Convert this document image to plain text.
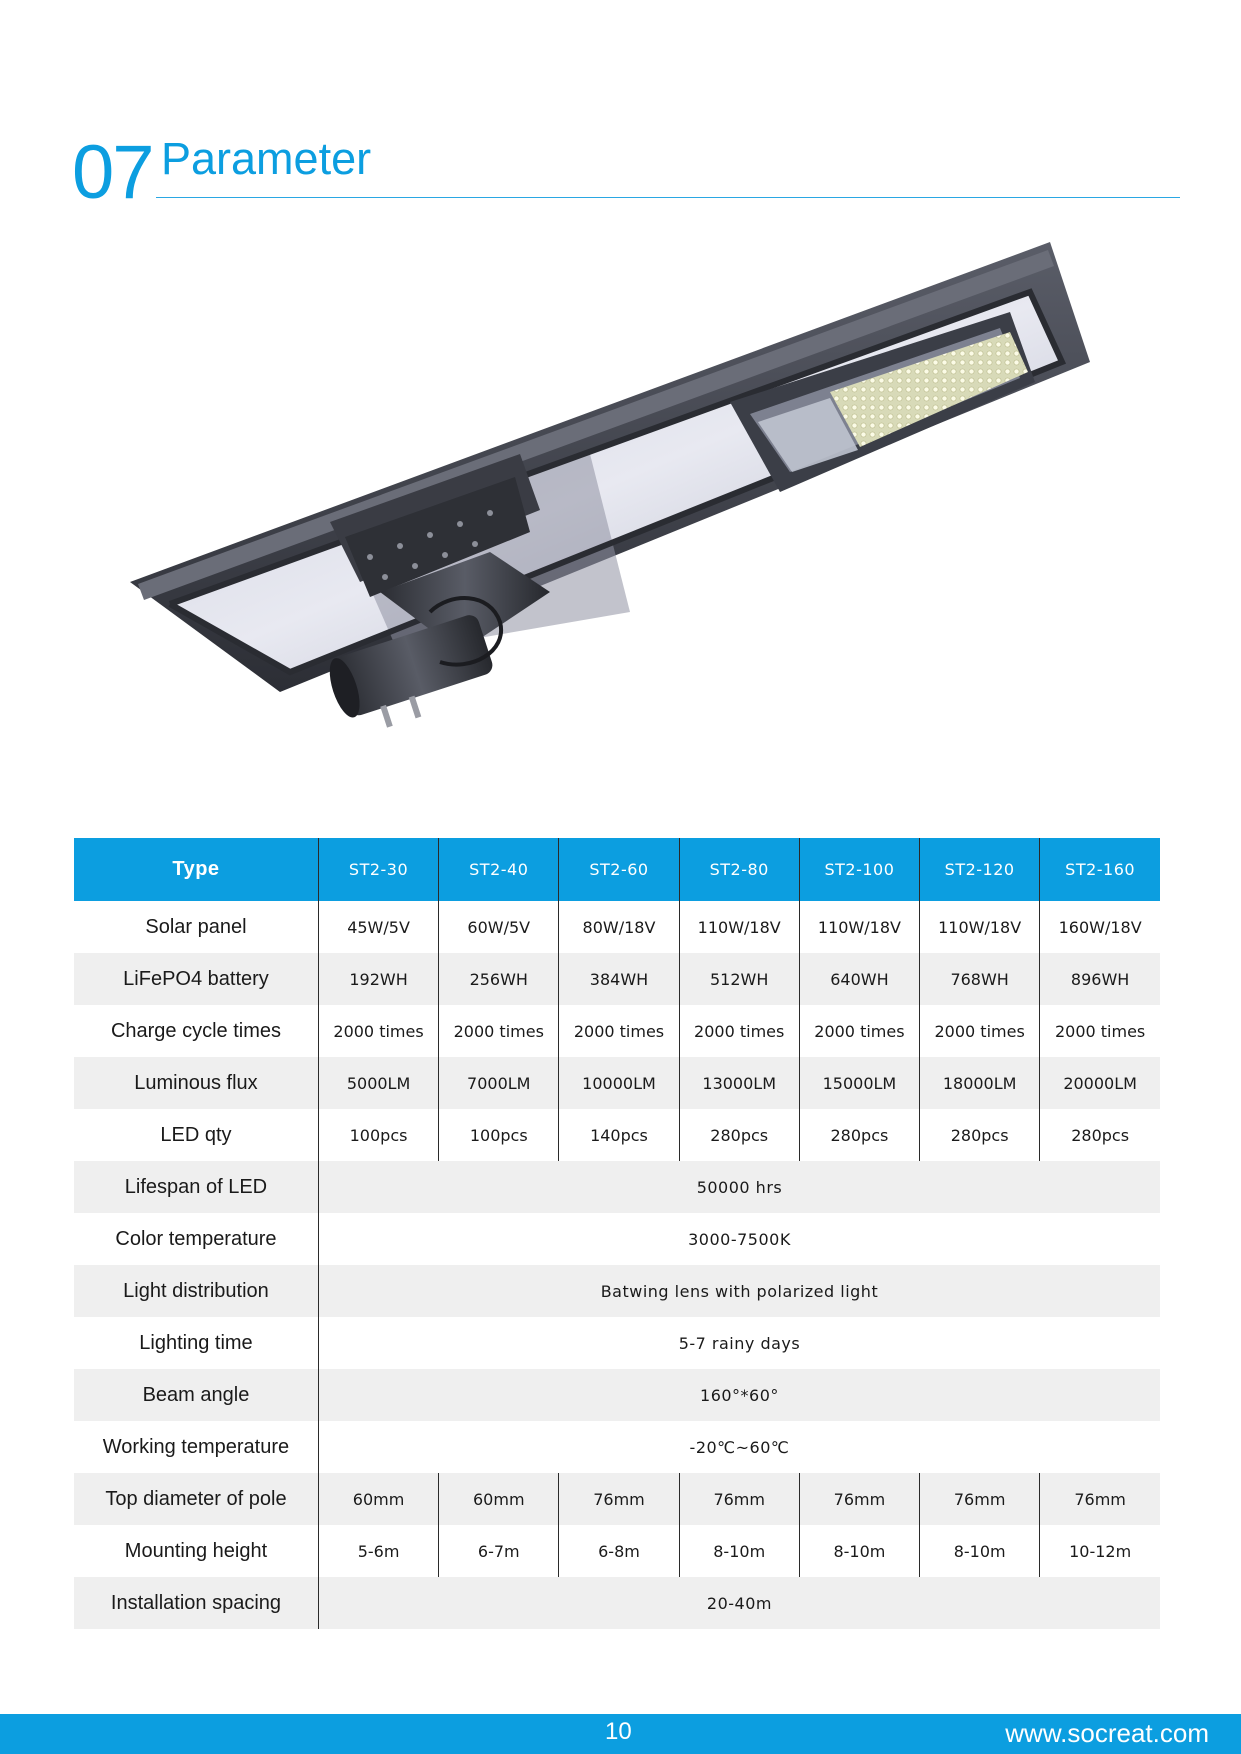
07 Parameter
Type	ST2-30	ST2-40	ST2-60	ST2-80	ST2-100	ST2-120	ST2-160
Solar panel	45W/5V	60W/5V	80W/18V	110W/18V	110W/18V	110W/18V	160W/18V
LiFePO4 battery	192WH	256WH	384WH	512WH	640WH	768WH	896WH
Charge cycle times	2000 times	2000 times	2000 times	2000 times	2000 times	2000 times	2000 times
Luminous flux	5000LM	7000LM	10000LM	13000LM	15000LM	18000LM	20000LM
LED qty	100pcs	100pcs	140pcs	280pcs	280pcs	280pcs	280pcs
Lifespan of LED	50000 hrs						
Color temperature	3000-7500K						
Light distribution	Batwing lens with polarized light						
Lighting time	5-7 rainy days						
Beam angle	160°*60°						
Working temperature	-20℃~60℃						
Top diameter of pole	60mm	60mm	76mm	76mm	76mm	76mm	76mm
Mounting height	5-6m	6-7m	6-8m	8-10m	8-10m	8-10m	10-12m
Installation spacing	20-40m						
10	www.socreat.com
